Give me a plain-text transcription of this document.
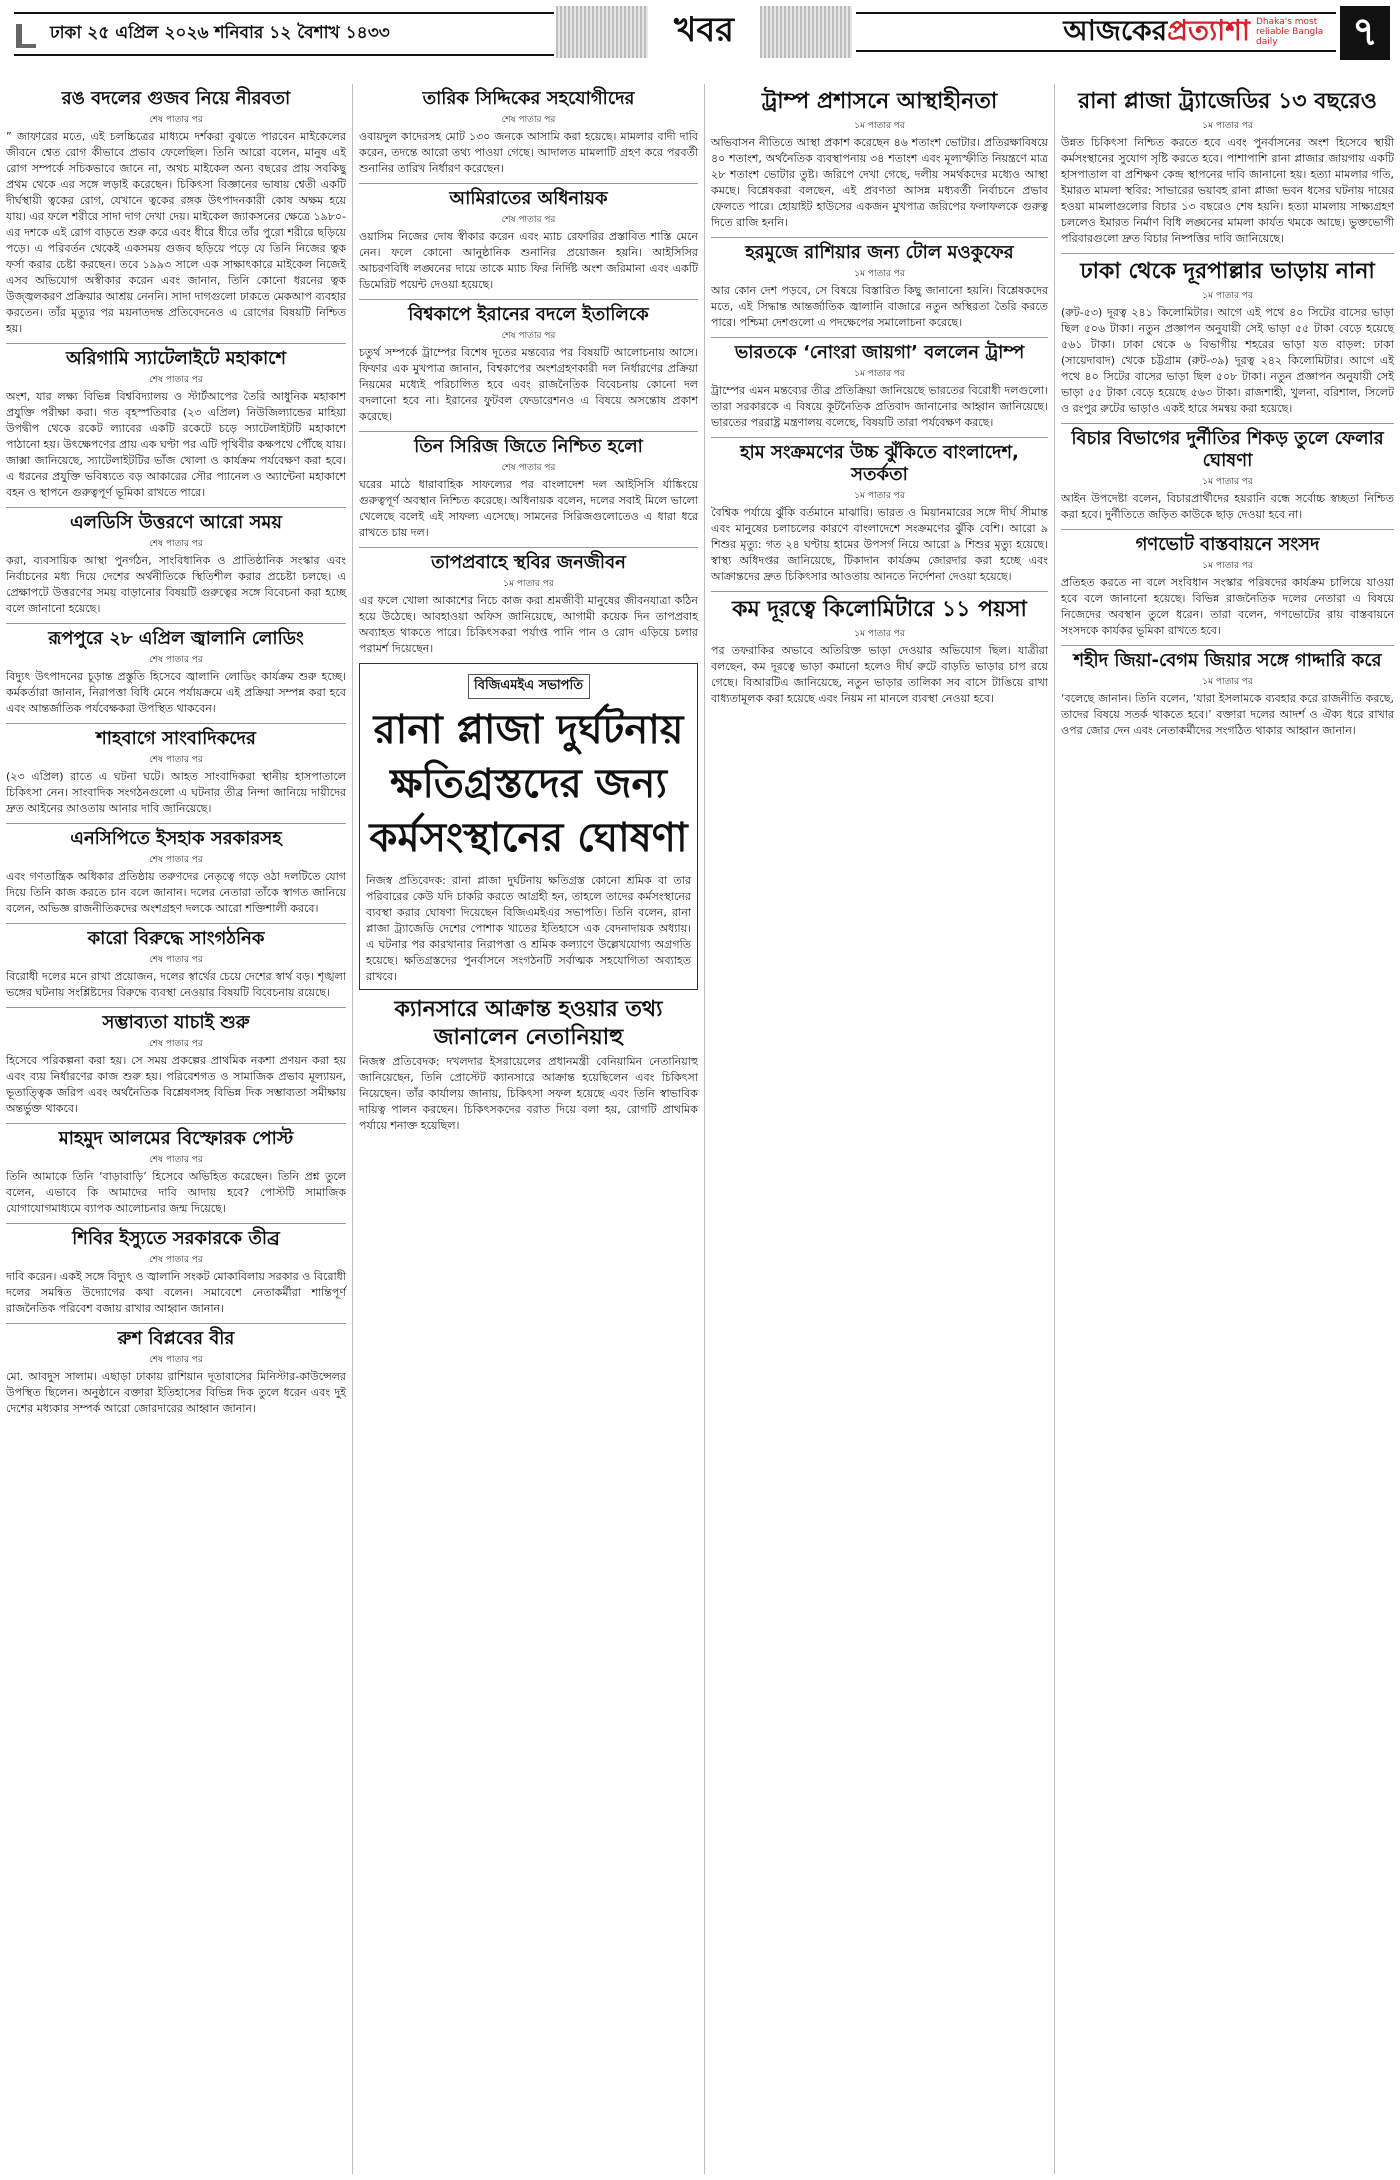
ঢাকা ২৫ এপ্রিল ২০২৬ শনিবার ১২ বৈশাখ ১৪৩৩	খবর	আজকেরপ্রত্যাশা Dhaka's most reliable Bangla daily	৭
রঙ বদলের গুজব নিয়ে নীরবতা
শেষ পাতার পর

” জাফারের মতে, এই চলচ্চিত্রের মাধ্যমে দর্শকরা বুঝতে পারবেন মাইকেলের জীবনে শ্বেত রোগ কীভাবে প্রভাব ফেলেছিল। তিনি আরো বলেন, মানুষ এই রোগ সম্পর্কে সচিকভাবে জানে না, অথচ মাইকেল অন্য বছরের প্রায় সবকিছু প্রথম থেকে এর সঙ্গে লড়াই করেছেন। চিকিৎসা বিজ্ঞানের ভাষায় শ্বেতী একটি দীর্ঘস্থায়ী ত্বকের রোগ, যেখানে ত্বকের রঙ্গক উৎপাদনকারী কোষ অক্ষম হয়ে যায়। এর ফলে শরীরে সাদা দাগ দেখা দেয়। মাইকেল জ্যাকসনের ক্ষেত্রে ১৯৮০-এর দশকে এই রোগ বাড়তে শুরু করে এবং ধীরে ধীরে তাঁর পুরো শরীরে ছড়িয়ে পড়ে। এ পরিবর্তন থেকেই একসময় গুজব ছড়িয়ে পড়ে যে তিনি নিজের ত্বক ফর্সা করার চেষ্টা করছেন। তবে ১৯৯৩ সালে এক সাক্ষাৎকারে মাইকেল নিজেই এসব অভিযোগ অস্বীকার করেন এবং জানান, তিনি কোনো ধরনের ত্বক উজ্জ্বলকরণ প্রক্রিয়ার আশ্রয় নেননি। সাদা দাগগুলো ঢাকতে মেকআপ ব্যবহার করতেন। তাঁর মৃত্যুর পর ময়নাতদন্ত প্রতিবেদনেও এ রোগের বিষয়টি নিশ্চিত হয়।

অরিগামি স্যাটেলাইটে মহাকাশে
শেষ পাতার পর

অংশ, যার লক্ষ্য বিভিন্ন বিশ্ববিদ্যালয় ও স্টার্টআপের তৈরি আধুনিক মহাকাশ প্রযুক্তি পরীক্ষা করা। গত বৃহস্পতিবার (২৩ এপ্রিল) নিউজিল্যান্ডের মাহিয়া উপদ্বীপ থেকে রকেট ল্যাবের একটি রকেটে চড়ে স্যাটেলাইটটি মহাকাশে পাঠানো হয়। উৎক্ষেপণের প্রায় এক ঘণ্টা পর এটি পৃথিবীর কক্ষপথে পৌঁছে যায়। জাক্সা জানিয়েছে, স্যাটেলাইটটির ভাঁজ খোলা ও কার্যক্রম পর্যবেক্ষণ করা হবে। এ ধরনের প্রযুক্তি ভবিষ্যতে বড় আকারের সৌর প্যানেল ও অ্যান্টেনা মহাকাশে বহন ও স্থাপনে গুরুত্বপূর্ণ ভূমিকা রাখতে পারে।

এলডিসি উত্তরণে আরো সময়
শেষ পাতার পর

করা, ব্যবসায়িক আস্থা পুনর্গঠন, সাংবিধানিক ও প্রাতিষ্ঠানিক সংস্কার এবং নির্বাচনের মধ্য দিয়ে দেশের অর্থনীতিকে স্থিতিশীল করার প্রচেষ্টা চলছে। এ প্রেক্ষাপটে উত্তরণের সময় বাড়ানোর বিষয়টি গুরুত্বের সঙ্গে বিবেচনা করা হচ্ছে বলে জানানো হয়েছে।

রূপপুরে ২৮ এপ্রিল জ্বালানি লোডিং
শেষ পাতার পর

বিদ্যুৎ উৎপাদনের চূড়ান্ত প্রস্তুতি হিসেবে জ্বালানি লোডিং কার্যক্রম শুরু হচ্ছে। কর্মকর্তারা জানান, নিরাপত্তা বিধি মেনে পর্যায়ক্রমে এই প্রক্রিয়া সম্পন্ন করা হবে এবং আন্তর্জাতিক পর্যবেক্ষকরা উপস্থিত থাকবেন।

শাহবাগে সাংবাদিকদের
শেষ পাতার পর

(২৩ এপ্রিল) রাতে এ ঘটনা ঘটে। আহত সাংবাদিকরা স্থানীয় হাসপাতালে চিকিৎসা নেন। সাংবাদিক সংগঠনগুলো এ ঘটনার তীব্র নিন্দা জানিয়ে দায়ীদের দ্রুত আইনের আওতায় আনার দাবি জানিয়েছে।

এনসিপিতে ইসহাক সরকারসহ
শেষ পাতার পর

এবং গণতান্ত্রিক অধিকার প্রতিষ্ঠায় তরুণদের নেতৃত্বে গড়ে ওঠা দলটিতে যোগ দিয়ে তিনি কাজ করতে চান বলে জানান। দলের নেতারা তাঁকে স্বাগত জানিয়ে বলেন, অভিজ্ঞ রাজনীতিকদের অংশগ্রহণ দলকে আরো শক্তিশালী করবে।

কারো বিরুদ্ধে সাংগঠনিক
শেষ পাতার পর

বিরোধী দলের মনে রাখা প্রয়োজন, দলের স্বার্থের চেয়ে দেশের স্বার্থ বড়। শৃঙ্খলা ভঙ্গের ঘটনায় সংশ্লিষ্টদের বিরুদ্ধে ব্যবস্থা নেওয়ার বিষয়টি বিবেচনায় রয়েছে।

সম্ভাব্যতা যাচাই শুরু
শেষ পাতার পর

হিসেবে পরিকল্পনা করা হয়। সে সময় প্রকল্পের প্রাথমিক নকশা প্রণয়ন করা হয় এবং ব্যয় নির্ধারণের কাজ শুরু হয়। পরিবেশগত ও সামাজিক প্রভাব মূল্যায়ন, ভূতাত্ত্বিক জরিপ এবং অর্থনৈতিক বিশ্লেষণসহ বিভিন্ন দিক সম্ভাব্যতা সমীক্ষায় অন্তর্ভুক্ত থাকবে।

মাহমুদ আলমের বিস্ফোরক পোস্ট
শেষ পাতার পর

তিনি আমাকে তিনি ‘বাড়াবাড়ি’ হিসেবে অভিহিত করেছেন। তিনি প্রশ্ন তুলে বলেন, এভাবে কি আমাদের দাবি আদায় হবে? পোস্টটি সামাজিক যোগাযোগমাধ্যমে ব্যাপক আলোচনার জন্ম দিয়েছে।

শিবির ইস্যুতে সরকারকে তীব্র
শেষ পাতার পর

দাবি করেন। একই সঙ্গে বিদ্যুৎ ও জ্বালানি সংকট মোকাবিলায় সরকার ও বিরোধী দলের সমন্বিত উদ্যোগের কথা বলেন। সমাবেশে নেতাকর্মীরা শান্তিপূর্ণ রাজনৈতিক পরিবেশ বজায় রাখার আহ্বান জানান।

রুশ বিপ্লবের বীর
শেষ পাতার পর

মো. আবদুস সালাম। এছাড়া ঢাকায় রাশিয়ান দূতাবাসের মিনিস্টার-কাউন্সেলর উপস্থিত ছিলেন। অনুষ্ঠানে বক্তারা ইতিহাসের বিভিন্ন দিক তুলে ধরেন এবং দুই দেশের মধ্যকার সম্পর্ক আরো জোরদারের আহ্বান জানান।

তারিক সিদ্দিকের সহযোগীদের
শেষ পাতার পর

ওবায়দুল কাদেরসহ মোট ১৩০ জনকে আসামি করা হয়েছে। মামলার বাদী দাবি করেন, তদন্তে আরো তথ্য পাওয়া গেছে। আদালত মামলাটি গ্রহণ করে পরবর্তী শুনানির তারিখ নির্ধারণ করেছেন।

আমিরাতের অধিনায়ক
শেষ পাতার পর

ওয়াসিম নিজের দোষ স্বীকার করেন এবং ম্যাচ রেফারির প্রস্তাবিত শাস্তি মেনে নেন। ফলে কোনো আনুষ্ঠানিক শুনানির প্রয়োজন হয়নি। আইসিসির আচরণবিধি লঙ্ঘনের দায়ে তাকে ম্যাচ ফির নির্দিষ্ট অংশ জরিমানা এবং একটি ডিমেরিট পয়েন্ট দেওয়া হয়েছে।

বিশ্বকাপে ইরানের বদলে ইতালিকে
শেষ পাতার পর

চতুর্থ সম্পর্কে ট্রাম্পের বিশেষ দূতের মন্তব্যের পর বিষয়টি আলোচনায় আসে। ফিফার এক মুখপাত্র জানান, বিশ্বকাপের অংশগ্রহণকারী দল নির্ধারণের প্রক্রিয়া নিয়মের মধ্যেই পরিচালিত হবে এবং রাজনৈতিক বিবেচনায় কোনো দল বদলানো হবে না। ইরানের ফুটবল ফেডারেশনও এ বিষয়ে অসন্তোষ প্রকাশ করেছে।

তিন সিরিজ জিতে নিশ্চিত হলো
শেষ পাতার পর

ঘরের মাঠে ধারাবাহিক সাফল্যের পর বাংলাদেশ দল আইসিসি র্যাঙ্কিংয়ে গুরুত্বপূর্ণ অবস্থান নিশ্চিত করেছে। অধিনায়ক বলেন, দলের সবাই মিলে ভালো খেলেছে বলেই এই সাফল্য এসেছে। সামনের সিরিজগুলোতেও এ ধারা ধরে রাখতে চায় দল।

তাপপ্রবাহে স্থবির জনজীবন
১ম পাতার পর

এর ফলে খোলা আকাশের নিচে কাজ করা শ্রমজীবী মানুষের জীবনযাত্রা কঠিন হয়ে উঠেছে। আবহাওয়া অফিস জানিয়েছে, আগামী কয়েক দিন তাপপ্রবাহ অব্যাহত থাকতে পারে। চিকিৎসকরা পর্যাপ্ত পানি পান ও রোদ এড়িয়ে চলার পরামর্শ দিয়েছেন।

বিজিএমইএ সভাপতি
রানা প্লাজা দুর্ঘটনায় ক্ষতিগ্রস্তদের জন্য কর্মসংস্থানের ঘোষণা

নিজস্ব প্রতিবেদক: রানা প্লাজা দুর্ঘটনায় ক্ষতিগ্রস্ত কোনো শ্রমিক বা তার পরিবারের কেউ যদি চাকরি করতে আগ্রহী হন, তাহলে তাদের কর্মসংস্থানের ব্যবস্থা করার ঘোষণা দিয়েছেন বিজিএমইএর সভাপতি। তিনি বলেন, রানা প্লাজা ট্র্যাজেডি দেশের পোশাক খাতের ইতিহাসে এক বেদনাদায়ক অধ্যায়। এ ঘটনার পর কারখানার নিরাপত্তা ও শ্রমিক কল্যাণে উল্লেখযোগ্য অগ্রগতি হয়েছে। ক্ষতিগ্রস্তদের পুনর্বাসনে সংগঠনটি সর্বাত্মক সহযোগিতা অব্যাহত রাখবে।

ক্যানসারে আক্রান্ত হওয়ার তথ্য জানালেন নেতানিয়াহু

নিজস্ব প্রতিবেদক: দখলদার ইসরায়েলের প্রধানমন্ত্রী বেনিয়ামিন নেতানিয়াহু জানিয়েছেন, তিনি প্রোস্টেট ক্যানসারে আক্রান্ত হয়েছিলেন এবং চিকিৎসা নিয়েছেন। তাঁর কার্যালয় জানায়, চিকিৎসা সফল হয়েছে এবং তিনি স্বাভাবিক দায়িত্ব পালন করছেন। চিকিৎসকদের বরাত দিয়ে বলা হয়, রোগটি প্রাথমিক পর্যায়ে শনাক্ত হয়েছিল।

ট্রাম্প প্রশাসনে আস্থাহীনতা
১ম পাতার পর

অভিবাসন নীতিতে আস্থা প্রকাশ করেছেন ৪৬ শতাংশ ভোটার। প্রতিরক্ষাবিষয়ে ৪০ শতাংশ, অর্থনৈতিক ব্যবস্থাপনায় ৩৪ শতাংশ এবং মূল্যস্ফীতি নিয়ন্ত্রণে মাত্র ২৮ শতাংশ ভোটার তুষ্ট। জরিপে দেখা গেছে, দলীয় সমর্থকদের মধ্যেও আস্থা কমছে। বিশ্লেষকরা বলছেন, এই প্রবণতা আসন্ন মধ্যবর্তী নির্বাচনে প্রভাব ফেলতে পারে। হোয়াইট হাউসের একজন মুখপাত্র জরিপের ফলাফলকে গুরুত্ব দিতে রাজি হননি।

হরমুজে রাশিয়ার জন্য টোল মওকুফের
১ম পাতার পর

আর কোন দেশ পড়বে, সে বিষয়ে বিস্তারিত কিছু জানানো হয়নি। বিশ্লেষকদের মতে, এই সিদ্ধান্ত আন্তর্জাতিক জ্বালানি বাজারে নতুন অস্থিরতা তৈরি করতে পারে। পশ্চিমা দেশগুলো এ পদক্ষেপের সমালোচনা করেছে।

ভারতকে ‘নোংরা জায়গা’ বললেন ট্রাম্প
১ম পাতার পর

ট্রাম্পের এমন মন্তব্যের তীব্র প্রতিক্রিয়া জানিয়েছে ভারতের বিরোধী দলগুলো। তারা সরকারকে এ বিষয়ে কূটনৈতিক প্রতিবাদ জানানোর আহ্বান জানিয়েছে। ভারতের পররাষ্ট্র মন্ত্রণালয় বলেছে, বিষয়টি তারা পর্যবেক্ষণ করছে।

হাম সংক্রমণের উচ্চ ঝুঁকিতে বাংলাদেশ, সতর্কতা
১ম পাতার পর

বৈশ্বিক পর্যায়ে ঝুঁকি বর্তমানে মাঝারি। ভারত ও মিয়ানমারের সঙ্গে দীর্ঘ সীমান্ত এবং মানুষের চলাচলের কারণে বাংলাদেশে সংক্রমণের ঝুঁকি বেশি। আরো ৯ শিশুর মৃত্যু: গত ২৪ ঘণ্টায় হামের উপসর্গ নিয়ে আরো ৯ শিশুর মৃত্যু হয়েছে। স্বাস্থ্য অধিদপ্তর জানিয়েছে, টিকাদান কার্যক্রম জোরদার করা হচ্ছে এবং আক্রান্তদের দ্রুত চিকিৎসার আওতায় আনতে নির্দেশনা দেওয়া হয়েছে।

কম দূরত্বে কিলোমিটারে ১১ পয়সা
১ম পাতার পর

পর তফরাকির অভাবে অতিরিক্ত ভাড়া দেওয়ার অভিযোগ ছিল। যাত্রীরা বলছেন, কম দূরত্বে ভাড়া কমানো হলেও দীর্ঘ রুটে বাড়তি ভাড়ার চাপ রয়ে গেছে। বিআরটিএ জানিয়েছে, নতুন ভাড়ার তালিকা সব বাসে টাঙিয়ে রাখা বাধ্যতামূলক করা হয়েছে এবং নিয়ম না মানলে ব্যবস্থা নেওয়া হবে।

রানা প্লাজা ট্র্যাজেডির ১৩ বছরেও
১ম পাতার পর

উন্নত চিকিৎসা নিশ্চিত করতে হবে এবং পুনর্বাসনের অংশ হিসেবে স্থায়ী কর্মসংস্থানের সুযোগ সৃষ্টি করতে হবে। পাশাপাশি রানা প্লাজার জায়গায় একটি হাসপাতাল বা প্রশিক্ষণ কেন্দ্র স্থাপনের দাবি জানানো হয়। হত্যা মামলার গতি, ইমারত মামলা স্থবির: সাভারের ভয়াবহ রানা প্লাজা ভবন ধসের ঘটনায় দায়ের হওয়া মামলাগুলোর বিচার ১৩ বছরেও শেষ হয়নি। হত্যা মামলায় সাক্ষ্যগ্রহণ চললেও ইমারত নির্মাণ বিধি লঙ্ঘনের মামলা কার্যত থমকে আছে। ভুক্তভোগী পরিবারগুলো দ্রুত বিচার নিষ্পত্তির দাবি জানিয়েছে।

ঢাকা থেকে দূরপাল্লার ভাড়ায় নানা
১ম পাতার পর

(রুট-৫৩) দূরত্ব ২৪১ কিলোমিটার। আগে এই পথে ৪০ সিটের বাসের ভাড়া ছিল ৫০৬ টাকা। নতুন প্রজ্ঞাপন অনুযায়ী সেই ভাড়া ৫৫ টাকা বেড়ে হয়েছে ৫৬১ টাকা। ঢাকা থেকে ৬ বিভাগীয় শহরের ভাড়া যত বাড়ল: ঢাকা (সায়েদাবাদ) থেকে চট্টগ্রাম (রুট-৩৯) দূরত্ব ২৪২ কিলোমিটার। আগে এই পথে ৪০ সিটের বাসের ভাড়া ছিল ৫০৮ টাকা। নতুন প্রজ্ঞাপন অনুযায়ী সেই ভাড়া ৫৫ টাকা বেড়ে হয়েছে ৫৬৩ টাকা। রাজশাহী, খুলনা, বরিশাল, সিলেট ও রংপুর রুটের ভাড়াও একই হারে সমন্বয় করা হয়েছে।

বিচার বিভাগের দুর্নীতির শিকড় তুলে ফেলার ঘোষণা
১ম পাতার পর

আইন উপদেষ্টা বলেন, বিচারপ্রার্থীদের হয়রানি বন্ধে সর্বোচ্চ স্বচ্ছতা নিশ্চিত করা হবে। দুর্নীতিতে জড়িত কাউকে ছাড় দেওয়া হবে না।

গণভোট বাস্তবায়নে সংসদ
১ম পাতার পর

প্রতিহত করতে না বলে সংবিধান সংস্কার পরিষদের কার্যক্রম চালিয়ে যাওয়া হবে বলে জানানো হয়েছে। বিভিন্ন রাজনৈতিক দলের নেতারা এ বিষয়ে নিজেদের অবস্থান তুলে ধরেন। তারা বলেন, গণভোটের রায় বাস্তবায়নে সংসদকে কার্যকর ভূমিকা রাখতে হবে।

শহীদ জিয়া-বেগম জিয়ার সঙ্গে গাদ্দারি করে
১ম পাতার পর

‘বলেছে জানান। তিনি বলেন, ‘যারা ইসলামকে ব্যবহার করে রাজনীতি করছে, তাদের বিষয়ে সতর্ক থাকতে হবে।’ বক্তারা দলের আদর্শ ও ঐক্য ধরে রাখার ওপর জোর দেন এবং নেতাকর্মীদের সংগঠিত থাকার আহ্বান জানান।
